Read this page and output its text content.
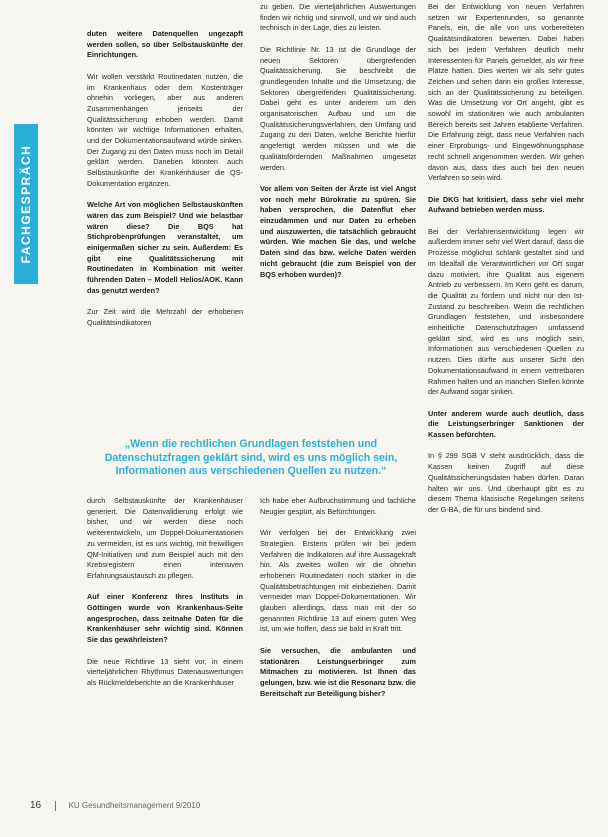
FACHGESPRÄCH

duten weitere Datenquellen ungezapft werden sollen, so über Selbstauskünfte der Einrichtungen.

Wir wollen verstärkt Routinedaten nutzen, die im Krankenhaus oder dem Kostenträger ohnehin vorliegen, aber aus anderen Zusammenhängen jenseits der Qualitätssicherung erhoben werden. Damit könnten wir wichtige Informationen erhalten, und der Dokumentationsaufwand würde sinken. Der Zugang zu den Daten muss noch im Detail geklärt werden. Daneben könnten auch Selbstauskünfte der Krankenhäuser die QS-Dokumentation ergänzen.

Welche Art von möglichen Selbstauskünften wären das zum Beispiel? Und wie belastbar wären diese? Die BQS hat Stichprobenprüfungen veranstaltet, um einigermaßen sicher zu sein. Außerdem: Es gibt eine Qualitätssicherung mit Routinedaten in Kombination mit weiter führenden Daten – Modell Helios/AOK. Kann das genutzt werden?

Zur Zeit wird die Mehrzahl der erhobenen Qualitätsindikatoren

zu geben. Die vierteljährlichen Auswertungen finden wir richtig und sinnvoll, und wir sind auch technisch in der Lage, dies zu leisten.

Die Richtlinie Nr. 13 ist die Grundlage der neuen Sektoren übergreifenden Qualitätssicherung. Sie beschreibt die grundlegenden Inhalte und die Umsetzung, die Sektoren übergreifenden Qualitätssicherung. Dabei geht es unter anderem um den organisatorischen Aufbau und um die Qualitätssicherungsverfahren, den Umfang und Zugang zu den Daten, welche Berichte hierfür angefertigt werden müssen und wie die qualitätsfördernden Maßnahmen umgesetzt werden.

Vor allem von Seiten der Ärzte ist viel Angst vor noch mehr Bürokratie zu spüren. Sie haben versprochen, die Datenflut eher einzudämmen und nur Daten zu erheben und auszuwerten, die tatsächlich gebraucht würden. Wie machen Sie das, und welche Daten sind das bzw. welche Daten werden nicht gebraucht (die zum Beispiel von der BQS erhoben wurden)?

Bei der Entwicklung von neuen Verfahren setzen wir Expertenrunden, so genannte Panels, ein, die alle von uns vorbereiteten Qualitätsindikatoren bewerten. Dabei haben sich bei jedem Verfahren deutlich mehr Interessenten für Panels gemeldet, als wir freie Plätze hatten. Dies werten wir als sehr gutes Zeichen und sehen darin ein großes Interesse, sich an der Qualitätssicherung zu beteiligen. Was die Umsetzung vor Ort angeht, gibt es sowohl im stationären wie auch ambulanten Bereich bereits seit Jahren etablierte Verfahren. Die Erfahrung zeigt, dass neue Verfahren nach einer Erprobungs- und Eingewöhnungsphase recht schnell angenommen werden. Wir gehen davon aus, dass dies auch bei den neuen Verfahren so sein wird.

Die DKG hat kritisiert, dass sehr viel mehr Aufwand betrieben werden muss.

Bei der Verfahrensentwicklung legen wir außerdem immer sehr viel Wert darauf, dass die Prozesse möglichst schlank gestaltet sind und im Idealfall die Verantwortlichen vor Ort sogar dazu motiviert, ihre Qualität aus eigenem Antrieb zu verbessern. Im Kern geht es darum, die Qualität zu fördern und nicht nur den Ist-Zustand zu beschreiben. Wenn die rechtlichen Grundlagen feststehen, und insbesondere einheitliche Datenschutzfragen umfassend geklärt sind, wird es uns möglich sein, Informationen aus verschiedenen Quellen zu nutzen. Dies dürfte aus unserer Sicht den Dokumentationsaufwand in einem vertretbaren Rahmen halten und an manchen Stellen könnte der Aufwand sogar sinken.

Unter anderem wurde auch deutlich, dass die Leistungserbringer Sanktionen der Kassen befürchten.

In § 299 SGB V steht ausdrücklich, dass die Kassen keinen Zugriff auf diese Qualitätssicherungsdaten haben dürfen. Daran halten wir uns. Und überhaupt gibt es zu diesem Thema klassische Regelungen seitens der G-BA, die für uns bindend sind.

„Wenn die rechtlichen Grundlagen feststehen und Datenschutzfragen geklärt sind, wird es uns möglich sein, Informationen aus verschiedenen Quellen zu nutzen.“

durch Selbstauskünfte der Krankenhäuser generiert. Die Datenvalidierung erfolgt wie bisher, und wir werden diese noch weiterentwickeln, um Doppel-Dokumentationen zu vermeiden, ist es uns wichtig, mit freiwilligen QM-Initiativen und zum Beispiel auch mit den Krebsregistern einen intensiven Erfahrungsaustausch zu pflegen.

Auf einer Konferenz Ihres Instituts in Göttingen wurde von Krankenhaus-Seite angesprochen, dass zeitnahe Daten für die Krankenhäuser sehr wichtig sind. Können Sie das gewährleisten?

Die neue Richtlinie 13 sieht vor, in einem vierteljährlichen Rhythmus Datenauswertungen als Rückmeldeberichte an die Krankenhäuser

Ich habe eher Aufbruchstimmung und fachliche Neugier gespürt, als Befürchtungen.

Wir verfolgen bei der Entwicklung zwei Strategien. Erstens prüfen wir bei jedem Verfahren die Indikatoren auf ihre Aussagekraft hin. Als zweites wollen wir die ohnehin erhobenen Routinedaten noch stärker in die Qualitätsbetrachtungen mit einbeziehen. Damit vermeidet man Doppel-Dokumentationen. Wir glauben allerdings, dass man mit der so genannten Richtlinie 13 auf einem guten Weg ist, um wie hoffen, dass sie bald in Kraft tritt.

Sie versuchen, die ambulanten und stationären Leistungserbringer zum Mitmachen zu motivieren. Ist Ihnen das gelungen, bzw. wie ist die Resonanz bzw. die Bereitschaft zur Beteiligung bisher?

16	KU Gesundheitsmanagement 9/2010
